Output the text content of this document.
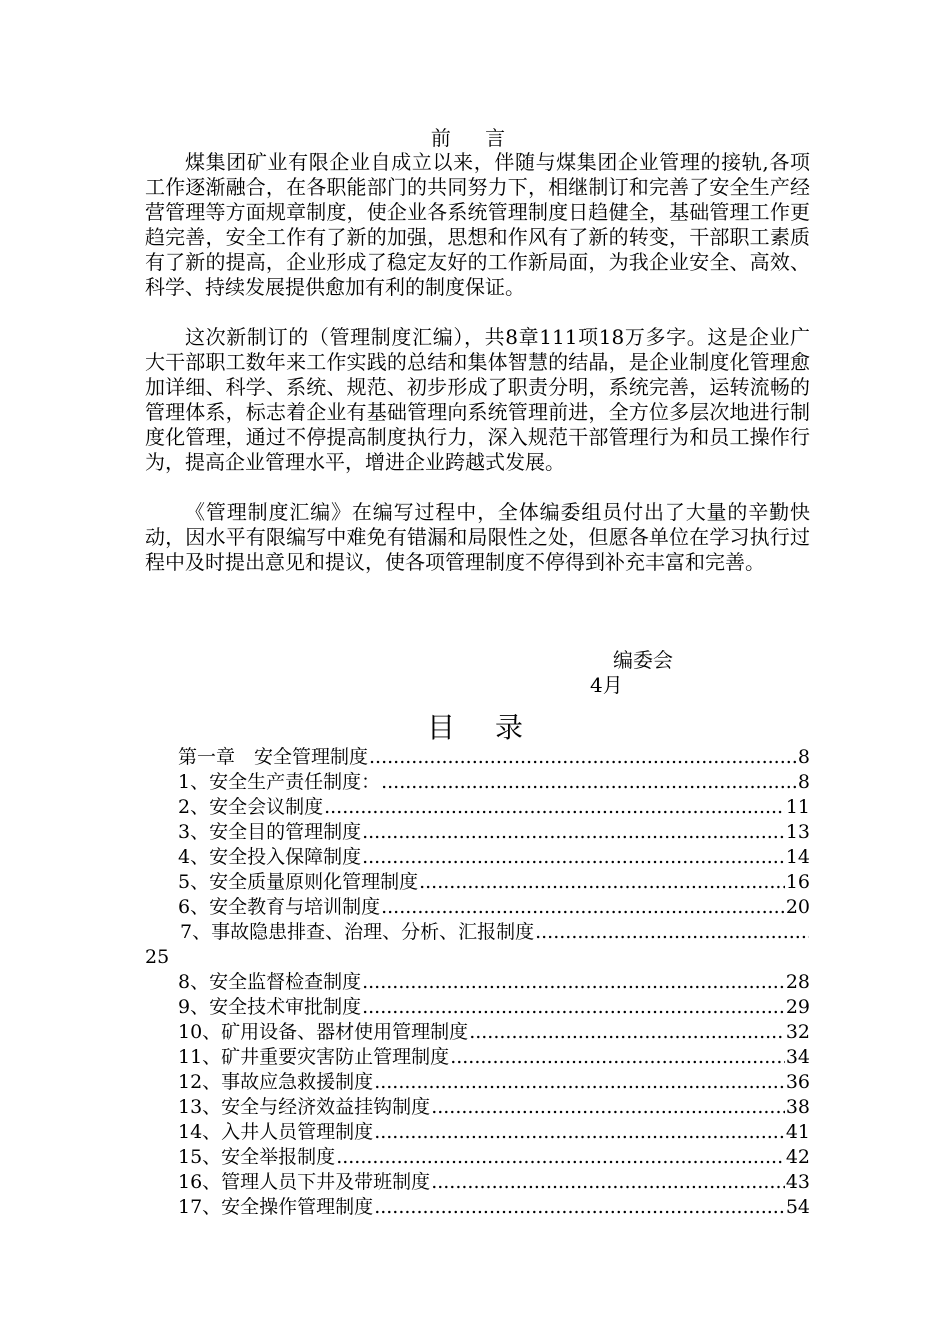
前 言

煤集团矿业有限企业自成立以来，伴随与煤集团企业管理的接轨,各项工作逐渐融合，在各职能部门的共同努力下，相继制订和完善了安全生产经营管理等方面规章制度，使企业各系统管理制度日趋健全，基础管理工作更趋完善，安全工作有了新的加强，思想和作风有了新的转变，干部职工素质有了新的提高，企业形成了稳定友好的工作新局面，为我企业安全、高效、科学、持续发展提供愈加有利的制度保证。

这次新制订的（管理制度汇编），共8章111项18万多字。这是企业广大干部职工数年来工作实践的总结和集体智慧的结晶，是企业制度化管理愈加详细、科学、系统、规范、初步形成了职责分明，系统完善，运转流畅的管理体系，标志着企业有基础管理向系统管理前进，全方位多层次地进行制度化管理，通过不停提高制度执行力，深入规范干部管理行为和员工操作行为，提高企业管理水平，增进企业跨越式发展。

《管理制度汇编》在编写过程中，全体编委组员付出了大量的辛勤快动，因水平有限编写中难免有错漏和局限性之处，但愿各单位在学习执行过程中及时提出意见和提议，使各项管理制度不停得到补充丰富和完善。

编委会
4月
目录
第一章　安全管理制度 .....	8
1、安全生产责任制度： .....	8
2、安全会议制度 .....	11
3、安全目的管理制度 .....	13
4、安全投入保障制度 .....	14
5、安全质量原则化管理制度 .....	16
6、安全教育与培训制度 .....	20
7、事故隐患排查、治理、分析、汇报制度
.....
25
8、安全监督检查制度 .....	28
9、安全技术审批制度 .....	29
10、矿用设备、器材使用管理制度 .....	32
11、矿井重要灾害防止管理制度 .....	34
12、事故应急救援制度 .....	36
13、安全与经济效益挂钩制度 .....	38
14、入井人员管理制度 .....	41
15、安全举报制度 .....	42
16、管理人员下井及带班制度 .....	43
17、安全操作管理制度 .....	54
